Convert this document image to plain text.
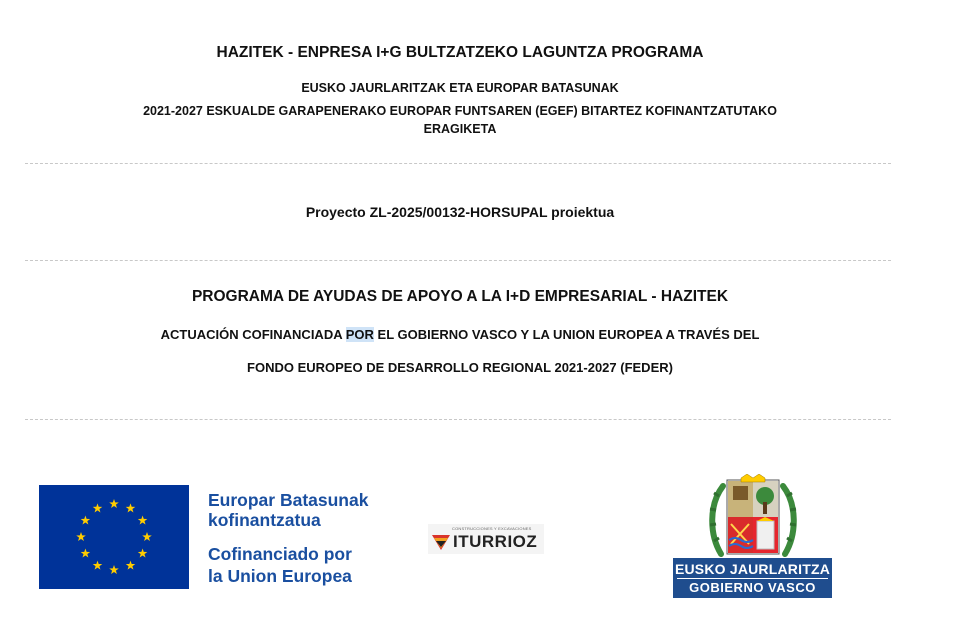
HAZITEK - ENPRESA I+G BULTZATZEKO LAGUNTZA PROGRAMA
EUSKO JAURLARITZAK ETA EUROPAR BATASUNAK
2021-2027 ESKUALDE GARAPENERAKO EUROPAR FUNTSAREN (EGEF) BITARTEZ KOFINANTZATUTAKO
ERAGIKETA
Proyecto ZL-2025/00132-HORSUPAL proiektua
PROGRAMA DE AYUDAS DE APOYO A LA I+D EMPRESARIAL - HAZITEK
ACTUACIÓN COFINANCIADA POR EL GOBIERNO VASCO Y LA UNION EUROPEA A TRAVÉS DEL
FONDO EUROPEO DE DESARROLLO REGIONAL 2021-2027 (FEDER)
Europar Batasunak
kofinantzatua
Cofinanciado por
la Union Europea
CONSTRUCCIONES Y EXCAVACIONES
ITURRIOZ
EUSKO JAURLARITZA
GOBIERNO VASCO
